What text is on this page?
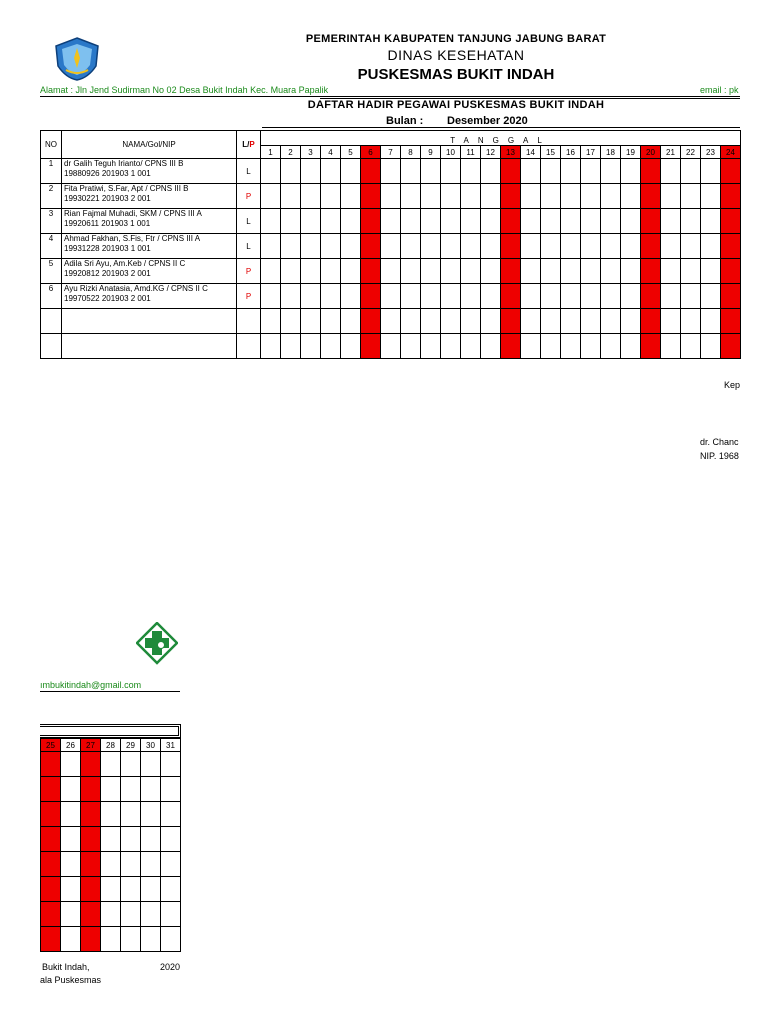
PEMERINTAH KABUPATEN TANJUNG JABUNG BARAT
DINAS KESEHATAN
PUSKESMAS BUKIT INDAH
Alamat : Jln Jend Sudirman No 02 Desa Bukit Indah Kec. Muara Papalik	email : pk
DAFTAR HADIR PEGAWAI PUSKESMAS BUKIT INDAH
Bulan : Desember 2020
NO	NAMA/Gol/NIP	L/P	TANGGAL																							
			1	2	3	4	5	6	7	8	9	10	11	12	13	14	15	16	17	18	19	20	21	22	23	24
1	dr Galih Teguh Irianto/ CPNS III B
19880926 201903 1 001	L																								
2	Fita Pratiwi, S.Far, Apt / CPNS III B
19930221 201903 2 001	P																								
3	Rian Fajmal Muhadi, SKM / CPNS III A
19920611 201903 1 001	L																								
4	Ahmad Fakhan, S.Fis, Ftr / CPNS III A
19931228 201903 1 001	L																								
5	Adila Sri Ayu, Am.Keb / CPNS II C
19920812 201903 2 001	P																								
6	Ayu Rizki Anatasia, Amd.KG / CPNS II C
19970522 201903 2 001	P																								

Kep
dr. Chanc
NIP. 1968
ımbukitindah@gmail.com
25	26	27	28	29	30	31

Bukit Indah,	2020
ala Puskesmas
